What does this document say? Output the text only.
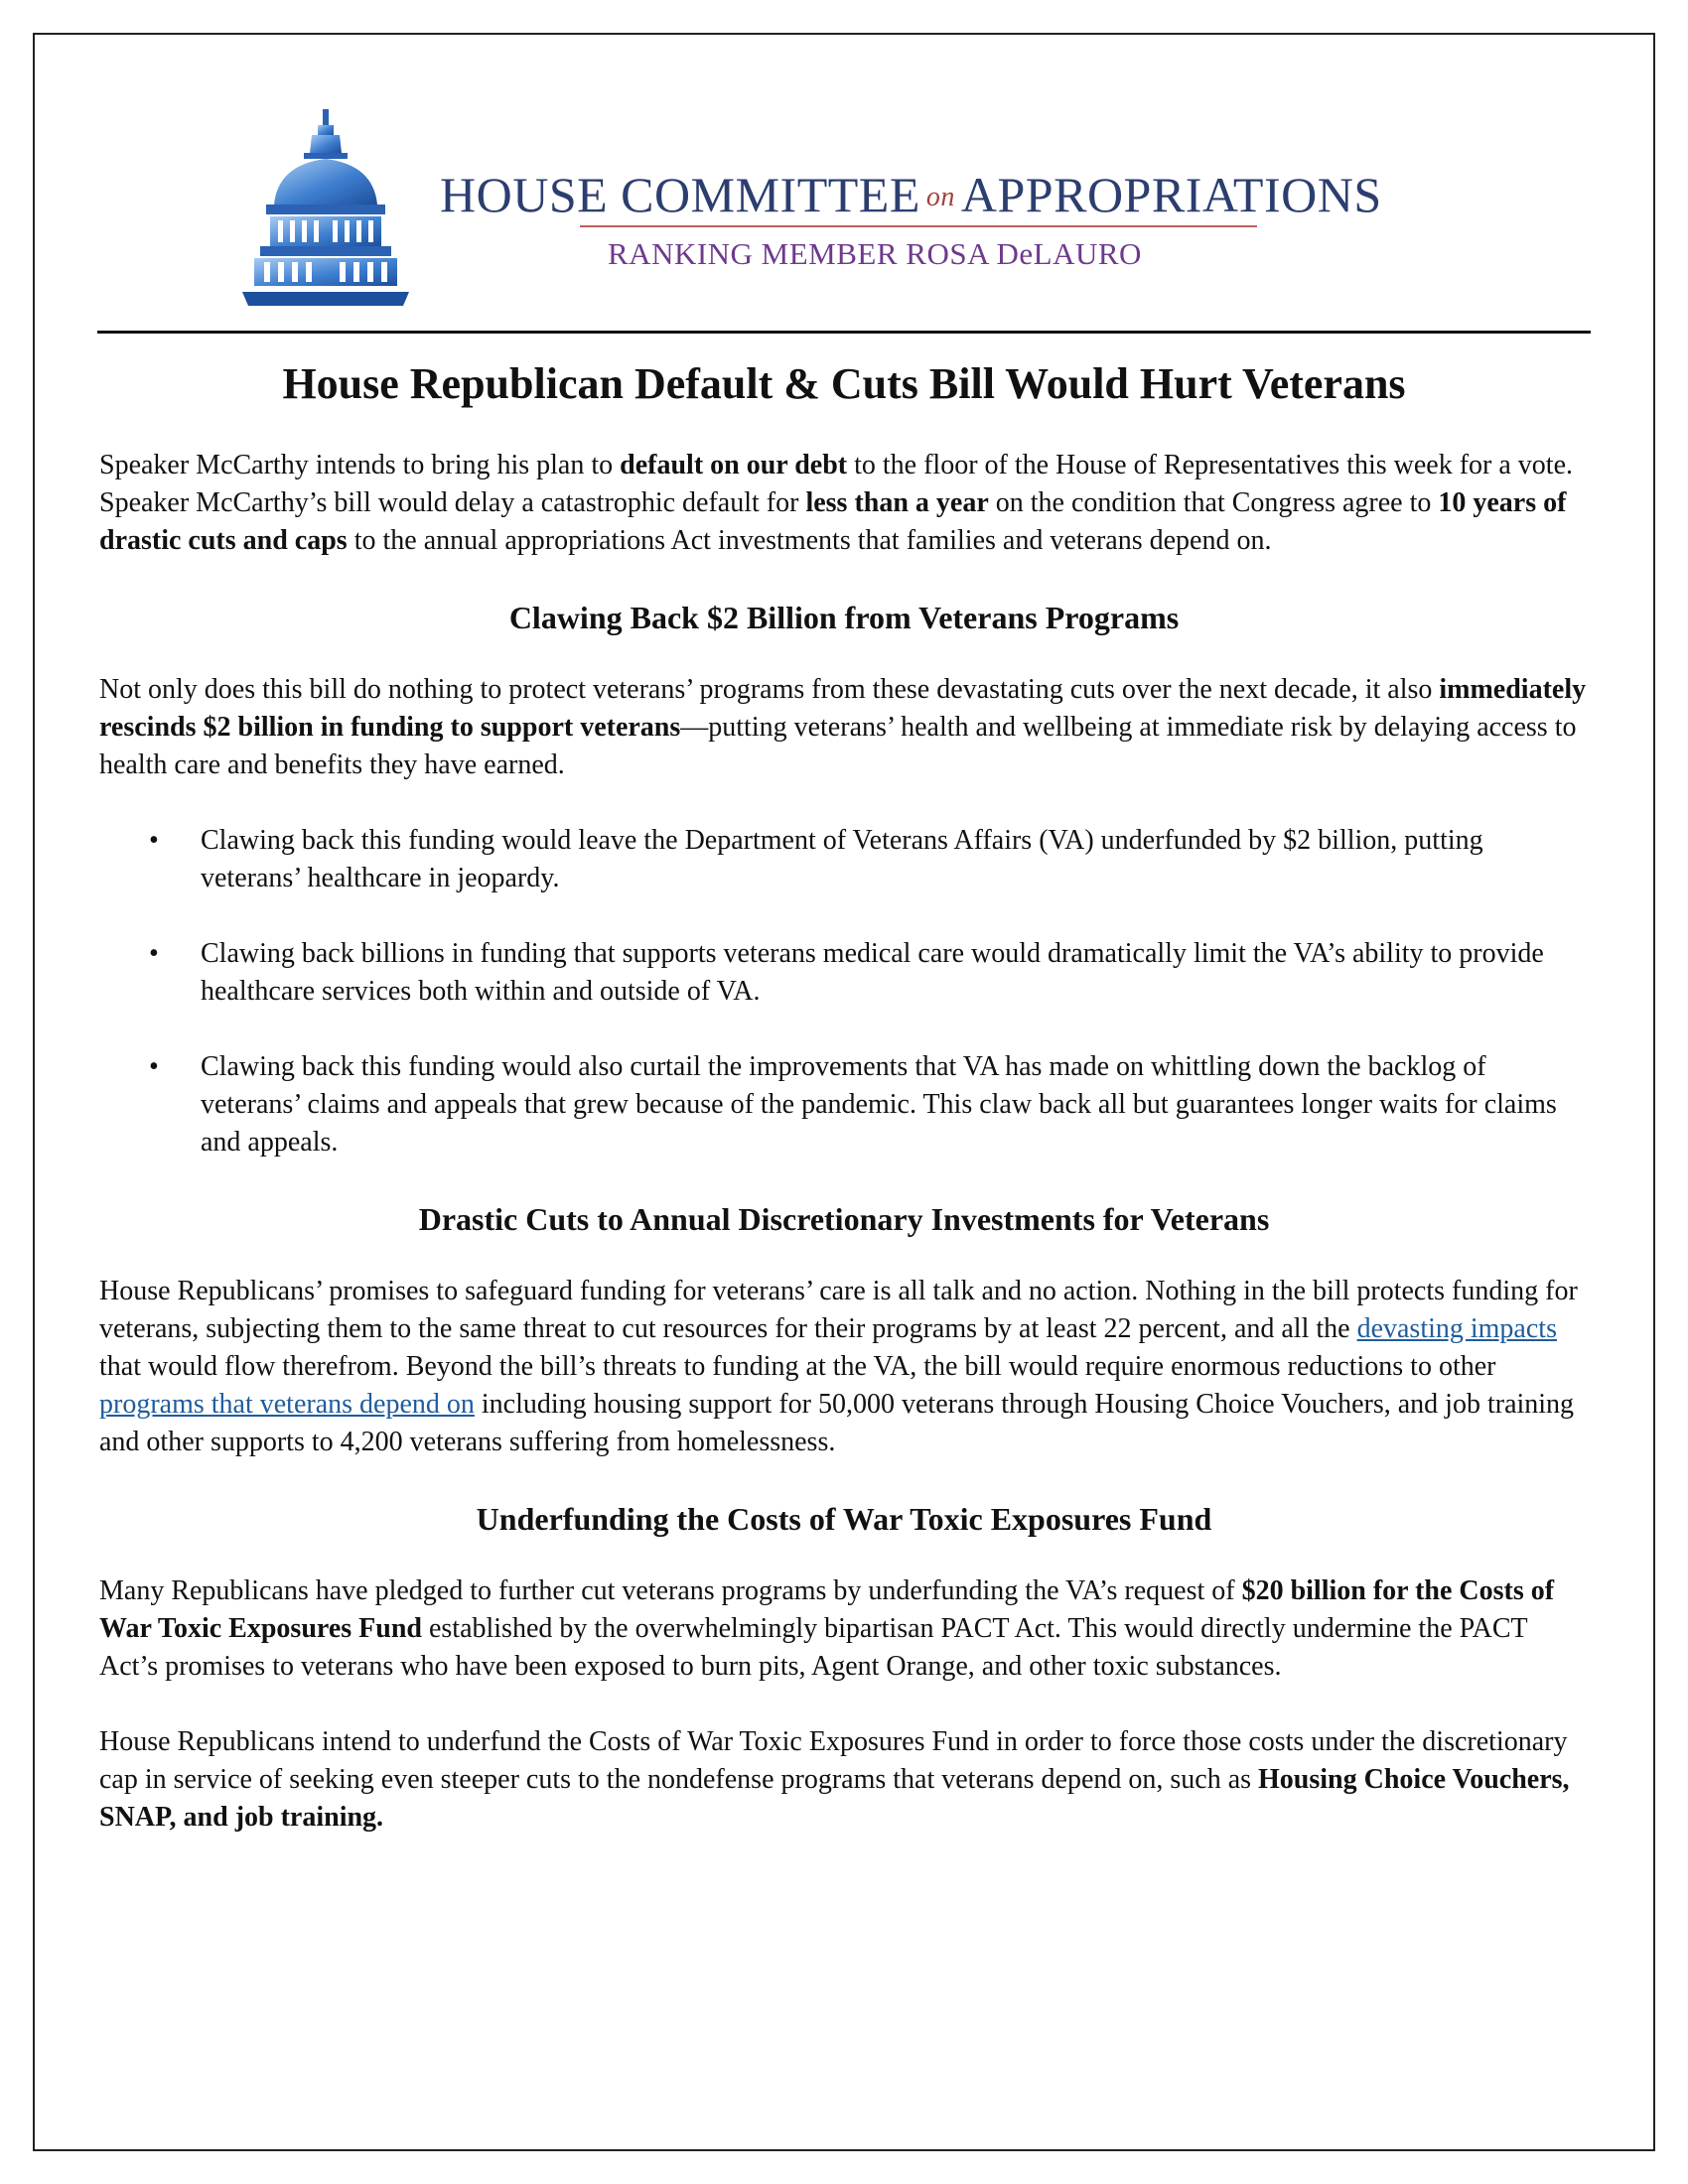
HOUSE COMMITTEE on APPROPRIATIONS
RANKING MEMBER ROSA DeLAURO
House Republican Default & Cuts Bill Would Hurt Veterans

Speaker McCarthy intends to bring his plan to default on our debt to the floor of the House of Representatives this week for a vote. Speaker McCarthy’s bill would delay a catastrophic default for less than a year on the condition that Congress agree to 10 years of drastic cuts and caps to the annual appropriations Act investments that families and veterans depend on.

Clawing Back $2 Billion from Veterans Programs

Not only does this bill do nothing to protect veterans’ programs from these devastating cuts over the next decade, it also immediately rescinds $2 billion in funding to support veterans—putting veterans’ health and wellbeing at immediate risk by delaying access to health care and benefits they have earned.

• Clawing back this funding would leave the Department of Veterans Affairs (VA) underfunded by $2 billion, putting veterans’ healthcare in jeopardy.
• Clawing back billions in funding that supports veterans medical care would dramatically limit the VA’s ability to provide healthcare services both within and outside of VA.
• Clawing back this funding would also curtail the improvements that VA has made on whittling down the backlog of veterans’ claims and appeals that grew because of the pandemic. This claw back all but guarantees longer waits for claims and appeals.
Drastic Cuts to Annual Discretionary Investments for Veterans

House Republicans’ promises to safeguard funding for veterans’ care is all talk and no action. Nothing in the bill protects funding for veterans, subjecting them to the same threat to cut resources for their programs by at least 22 percent, and all the devasting impacts that would flow therefrom. Beyond the bill’s threats to funding at the VA, the bill would require enormous reductions to other programs that veterans depend on including housing support for 50,000 veterans through Housing Choice Vouchers, and job training and other supports to 4,200 veterans suffering from homelessness.

Underfunding the Costs of War Toxic Exposures Fund

Many Republicans have pledged to further cut veterans programs by underfunding the VA’s request of $20 billion for the Costs of War Toxic Exposures Fund established by the overwhelmingly bipartisan PACT Act. This would directly undermine the PACT Act’s promises to veterans who have been exposed to burn pits, Agent Orange, and other toxic substances.

House Republicans intend to underfund the Costs of War Toxic Exposures Fund in order to force those costs under the discretionary cap in service of seeking even steeper cuts to the nondefense programs that veterans depend on, such as Housing Choice Vouchers, SNAP, and job training.
